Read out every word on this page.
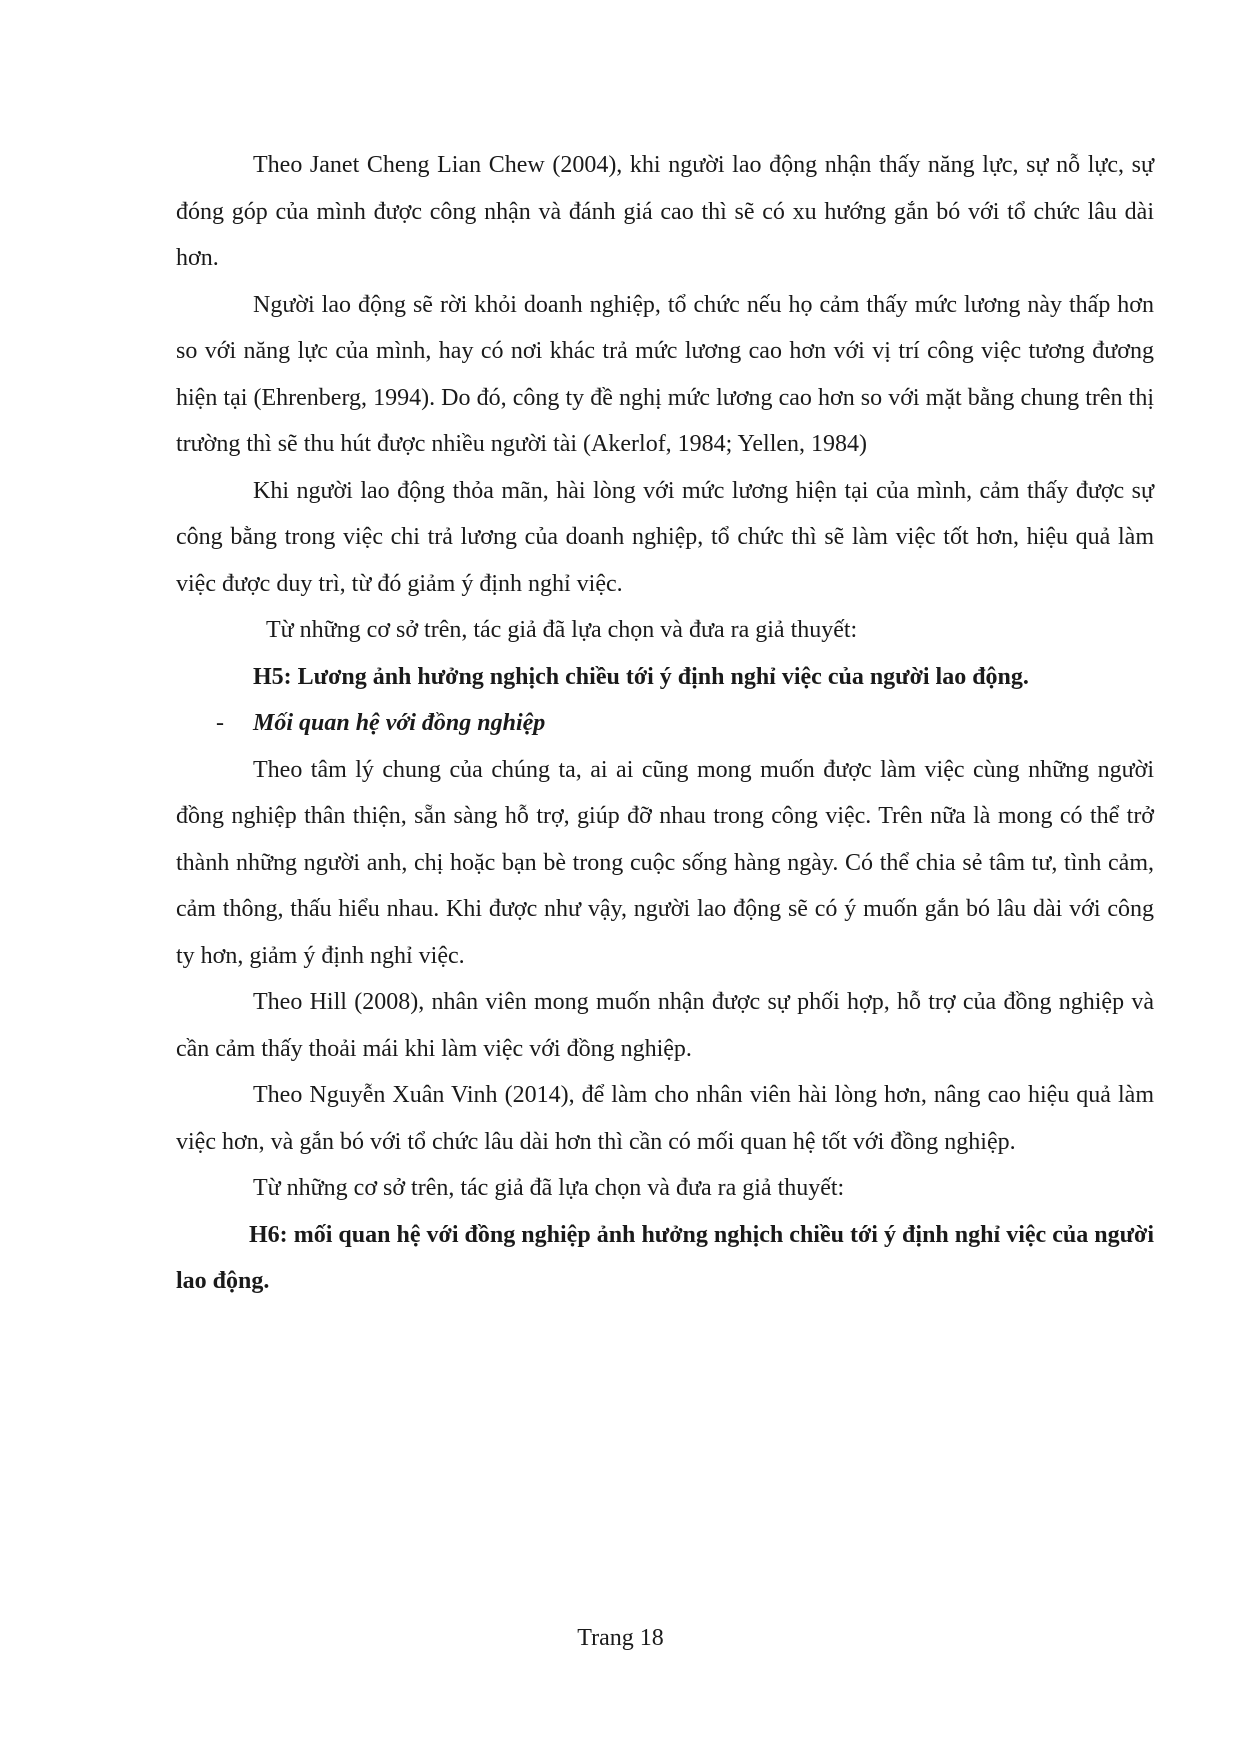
Theo Janet Cheng Lian Chew (2004), khi người lao động nhận thấy năng lực, sự nỗ lực, sự đóng góp của mình được công nhận và đánh giá cao thì sẽ có xu hướng gắn bó với tổ chức lâu dài hơn.

Người lao động sẽ rời khỏi doanh nghiệp, tổ chức nếu họ cảm thấy mức lương này thấp hơn so với năng lực của mình, hay có nơi khác trả mức lương cao hơn với vị trí công việc tương đương hiện tại (Ehrenberg, 1994). Do đó, công ty đề nghị mức lương cao hơn so với mặt bằng chung trên thị trường thì sẽ thu hút được nhiều người tài (Akerlof, 1984; Yellen, 1984)

Khi người lao động thỏa mãn, hài lòng với mức lương hiện tại của mình, cảm thấy được sự công bằng trong việc chi trả lương của doanh nghiệp, tổ chức thì sẽ làm việc tốt hơn, hiệu quả làm việc được duy trì, từ đó giảm ý định nghỉ việc.

Từ những cơ sở trên, tác giả đã lựa chọn và đưa ra giả thuyết:

H5: Lương ảnh hưởng nghịch chiều tới ý định nghỉ việc của người lao động.

-	Mối quan hệ với đồng nghiệp

Theo tâm lý chung của chúng ta, ai ai cũng mong muốn được làm việc cùng những người đồng nghiệp thân thiện, sẵn sàng hỗ trợ, giúp đỡ nhau trong công việc. Trên nữa là mong có thể trở thành những người anh, chị hoặc bạn bè trong cuộc sống hàng ngày. Có thể chia sẻ tâm tư, tình cảm, cảm thông, thấu hiểu nhau. Khi được như vậy, người lao động sẽ có ý muốn gắn bó lâu dài với công ty hơn, giảm ý định nghỉ việc.

Theo Hill (2008), nhân viên mong muốn nhận được sự phối hợp, hỗ trợ của đồng nghiệp và cần cảm thấy thoải mái khi làm việc với đồng nghiệp.

Theo Nguyễn Xuân Vinh (2014), để làm cho nhân viên hài lòng hơn, nâng cao hiệu quả làm việc hơn, và gắn bó với tổ chức lâu dài hơn thì cần có mối quan hệ tốt với đồng nghiệp.

Từ những cơ sở trên, tác giả đã lựa chọn và đưa ra giả thuyết:

H6: mối quan hệ với đồng nghiệp ảnh hưởng nghịch chiều tới ý định nghỉ việc của người lao động.

Trang 18
